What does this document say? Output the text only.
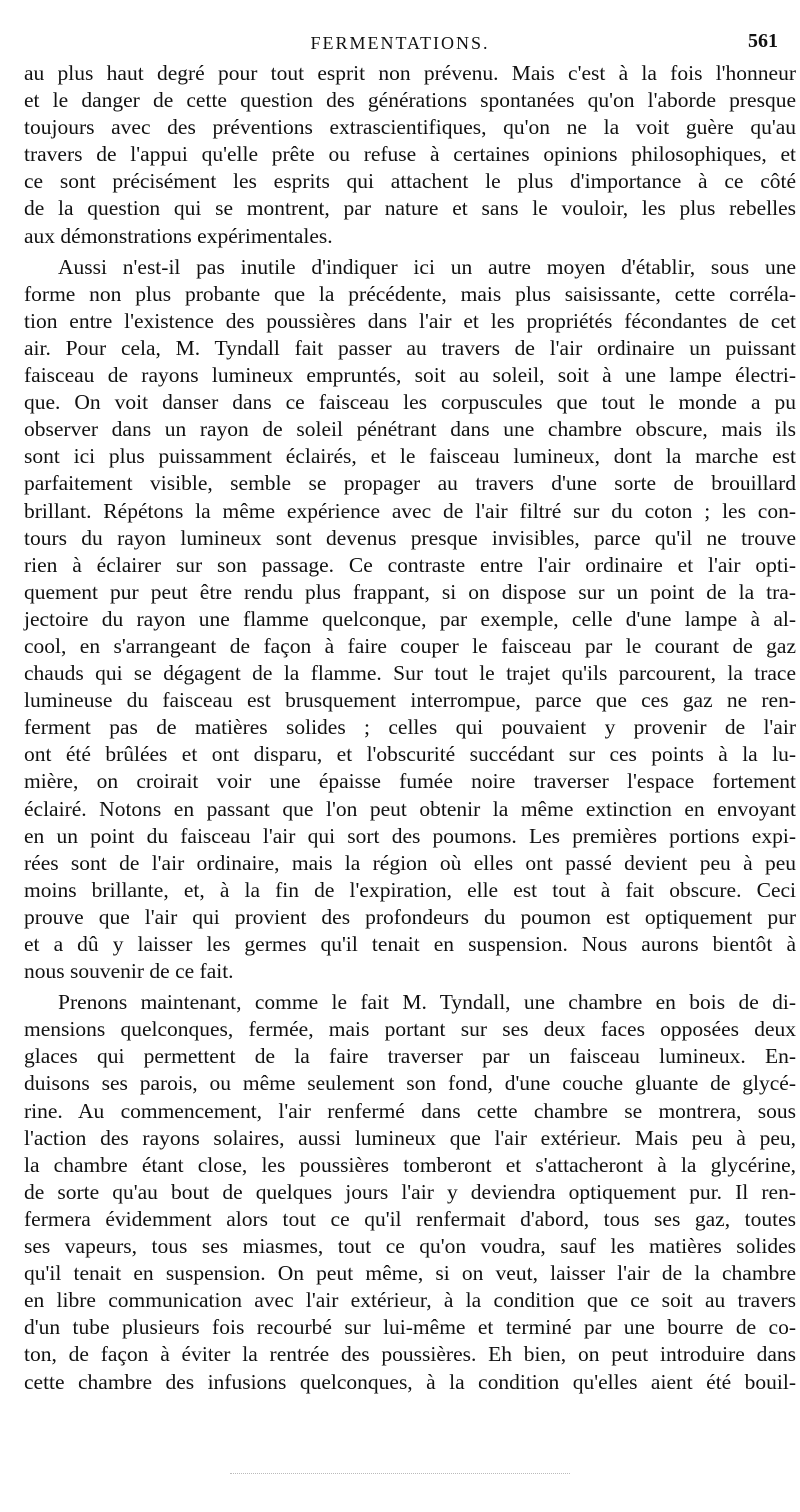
FERMENTATIONS.	561
au plus haut degré pour tout esprit non prévenu. Mais c'est à la fois l'honneur
et le danger de cette question des générations spontanées qu'on l'aborde presque
toujours avec des préventions extrascientifiques, qu'on ne la voit guère qu'au
travers de l'appui qu'elle prête ou refuse à certaines opinions philosophiques, et
ce sont précisément les esprits qui attachent le plus d'importance à ce côté
de la question qui se montrent, par nature et sans le vouloir, les plus rebelles
aux démonstrations expérimentales.
Aussi n'est-il pas inutile d'indiquer ici un autre moyen d'établir, sous une
forme non plus probante que la précédente, mais plus saisissante, cette corréla-
tion entre l'existence des poussières dans l'air et les propriétés fécondantes de cet
air. Pour cela, M. Tyndall fait passer au travers de l'air ordinaire un puissant
faisceau de rayons lumineux empruntés, soit au soleil, soit à une lampe électri-
que. On voit danser dans ce faisceau les corpuscules que tout le monde a pu
observer dans un rayon de soleil pénétrant dans une chambre obscure, mais ils
sont ici plus puissamment éclairés, et le faisceau lumineux, dont la marche est
parfaitement visible, semble se propager au travers d'une sorte de brouillard
brillant. Répétons la même expérience avec de l'air filtré sur du coton ; les con-
tours du rayon lumineux sont devenus presque invisibles, parce qu'il ne trouve
rien à éclairer sur son passage. Ce contraste entre l'air ordinaire et l'air opti-
quement pur peut être rendu plus frappant, si on dispose sur un point de la tra-
jectoire du rayon une flamme quelconque, par exemple, celle d'une lampe à al-
cool, en s'arrangeant de façon à faire couper le faisceau par le courant de gaz
chauds qui se dégagent de la flamme. Sur tout le trajet qu'ils parcourent, la trace
lumineuse du faisceau est brusquement interrompue, parce que ces gaz ne ren-
ferment pas de matières solides ; celles qui pouvaient y provenir de l'air
ont été brûlées et ont disparu, et l'obscurité succédant sur ces points à la lu-
mière, on croirait voir une épaisse fumée noire traverser l'espace fortement
éclairé. Notons en passant que l'on peut obtenir la même extinction en envoyant
en un point du faisceau l'air qui sort des poumons. Les premières portions expi-
rées sont de l'air ordinaire, mais la région où elles ont passé devient peu à peu
moins brillante, et, à la fin de l'expiration, elle est tout à fait obscure. Ceci
prouve que l'air qui provient des profondeurs du poumon est optiquement pur
et a dû y laisser les germes qu'il tenait en suspension. Nous aurons bientôt à
nous souvenir de ce fait.
Prenons maintenant, comme le fait M. Tyndall, une chambre en bois de di-
mensions quelconques, fermée, mais portant sur ses deux faces opposées deux
glaces qui permettent de la faire traverser par un faisceau lumineux. En-
duisons ses parois, ou même seulement son fond, d'une couche gluante de glycé-
rine. Au commencement, l'air renfermé dans cette chambre se montrera, sous
l'action des rayons solaires, aussi lumineux que l'air extérieur. Mais peu à peu,
la chambre étant close, les poussières tomberont et s'attacheront à la glycérine,
de sorte qu'au bout de quelques jours l'air y deviendra optiquement pur. Il ren-
fermera évidemment alors tout ce qu'il renfermait d'abord, tous ses gaz, toutes
ses vapeurs, tous ses miasmes, tout ce qu'on voudra, sauf les matières solides
qu'il tenait en suspension. On peut même, si on veut, laisser l'air de la chambre
en libre communication avec l'air extérieur, à la condition que ce soit au travers
d'un tube plusieurs fois recourbé sur lui-même et terminé par une bourre de co-
ton, de façon à éviter la rentrée des poussières. Eh bien, on peut introduire dans
cette chambre des infusions quelconques, à la condition qu'elles aient été bouil-
